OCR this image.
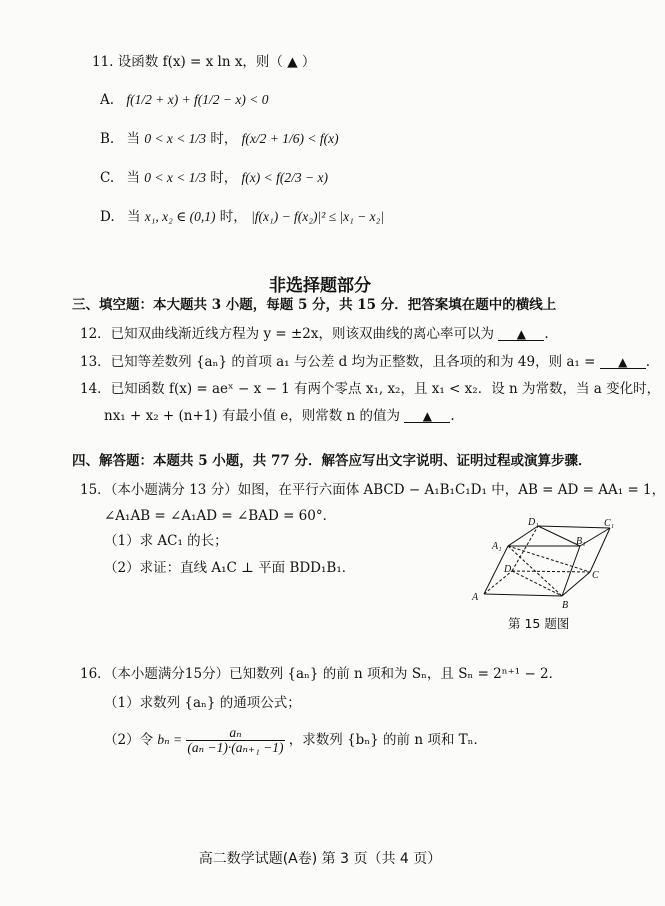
11. 设函数 f(x) = x ln x，则（ ▲ ）
A. f(1/2 + x) + f(1/2 − x) < 0
B. 当 0 < x < 1/3 时， f(x/2 + 1/6) < f(x)
C. 当 0 < x < 1/3 时， f(x) < f(2/3 − x)
D. 当 x₁, x₂ ∈ (0,1) 时， |f(x₁) − f(x₂)|² ≤ |x₁ − x₂|
非选择题部分
三、填空题：本大题共 3 小题，每题 5 分，共 15 分．把答案填在题中的横线上
12．已知双曲线渐近线方程为 y = ±2x，则该双曲线的离心率可以为 ▲ .
13．已知等差数列 {aₙ} 的首项 a₁ 与公差 d 均为正整数，且各项的和为 49，则 a₁ = ▲ .
14．已知函数 f(x) = aeˣ − x − 1 有两个零点 x₁, x₂，且 x₁ < x₂．设 n 为常数，当 a 变化时，
nx₁ + x₂ + (n+1) 有最小值 e，则常数 n 的值为 ▲ .
四、解答题：本题共 5 小题，共 77 分．解答应写出文字说明、证明过程或演算步骤．
15．（本小题满分 13 分）如图，在平行六面体 ABCD − A₁B₁C₁D₁ 中，AB = AD = AA₁ = 1，
∠A₁AB = ∠A₁AD = ∠BAD = 60°．
（1）求 AC₁ 的长；
（2）求证：直线 A₁C ⊥ 平面 BDD₁B₁．
A
B
C
D
A₁	B₁
C₁
D₁
第 15 题图
16．（本小题满分15分）已知数列 {aₙ} 的前 n 项和为 Sₙ，且 Sₙ = 2ⁿ⁺¹ − 2．
（1）求数列 {aₙ} 的通项公式；
（2）令 $b_n = \frac{\text{aₙ}}{\text{(aₙ −1)·(aₙ₊₁ −1)}}$ ，求数列 {bₙ} 的前 n 项和 Tₙ．
高二数学试题(A卷) 第 3 页（共 4 页）
